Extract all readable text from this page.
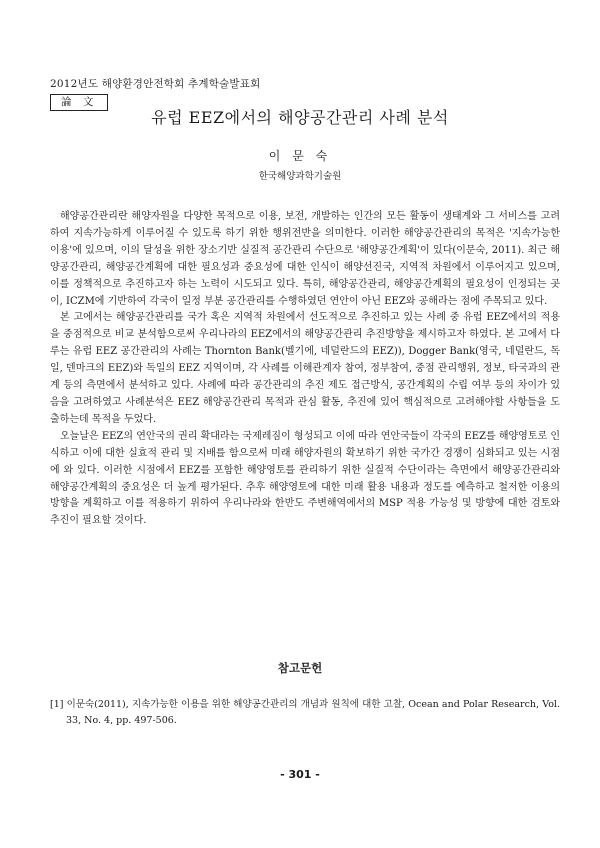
2012년도 해양환경안전학회 추계학술발표회
論 文
유럽 EEZ에서의 해양공간관리 사례 분석
이 문 숙
한국해양과학기술원

해양공간관리란 해양자원을 다양한 목적으로 이용, 보전, 개발하는 인간의 모든 활동이 생태계와 그 서비스를 고려하여 지속가능하게 이루어질 수 있도록 하기 위한 행위전반을 의미한다. 이러한 해양공간관리의 목적은 '지속가능한 이용'에 있으며, 이의 달성을 위한 장소기반 실질적 공간관리 수단으로 '해양공간계획'이 있다(이문숙, 2011). 최근 해양공간관리, 해양공간계획에 대한 필요성과 중요성에 대한 인식이 해양선진국, 지역적 차원에서 이루어지고 있으며, 이를 정책적으로 추진하고자 하는 노력이 시도되고 있다. 특히, 해양공간관리, 해양공간계획의 필요성이 인정되는 곳이, ICZM에 기반하여 각국이 일정 부분 공간관리를 수행하였던 연안이 아닌 EEZ와 공해라는 점에 주목되고 있다.

본 고에서는 해양공간관리를 국가 혹은 지역적 차원에서 선도적으로 추진하고 있는 사례 중 유럽 EEZ에서의 적용을 중점적으로 비교 분석함으로써 우리나라의 EEZ에서의 해양공간관리 추진방향을 제시하고자 하였다. 본 고에서 다루는 유럽 EEZ 공간관리의 사례는 Thornton Bank(벨기에, 네덜란드의 EEZ)), Dogger Bank(영국, 네덜란드, 독일, 덴마크의 EEZ)와 독일의 EEZ 지역이며, 각 사례를 이해관계자 참여, 정부참여, 중점 관리행위, 정보, 타국과의 관계 등의 측면에서 분석하고 있다. 사례에 따라 공간관리의 추진 제도 접근방식, 공간계획의 수립 여부 등의 차이가 있음을 고려하였고 사례분석은 EEZ 해양공간관리 목적과 관심 활동, 추진에 있어 핵심적으로 고려해야할 사항들을 도출하는데 목적을 두었다.

오늘날은 EEZ의 연안국의 권리 확대라는 국제레짐이 형성되고 이에 따라 연안국들이 각국의 EEZ를 해양영토로 인식하고 이에 대한 실효적 관리 및 지배를 함으로써 미래 해양자원의 확보하기 위한 국가간 경쟁이 심화되고 있는 시점에 와 있다. 이러한 시점에서 EEZ를 포함한 해양영토를 관리하기 위한 실질적 수단이라는 측면에서 해양공간관리와 해양공간계획의 중요성은 더 높게 평가된다. 추후 해양영토에 대한 미래 활용 내용과 정도를 예측하고 철저한 이용의 방향을 계획하고 이를 적용하기 위하여 우리나라와 한반도 주변해역에서의 MSP 적용 가능성 및 방향에 대한 검토와 추진이 필요할 것이다.

참고문헌
[1] 이문숙(2011), 지속가능한 이용을 위한 해양공간관리의 개념과 원칙에 대한 고찰, Ocean and Polar Research, Vol. 33, No. 4, pp. 497-506.
- 301 -
